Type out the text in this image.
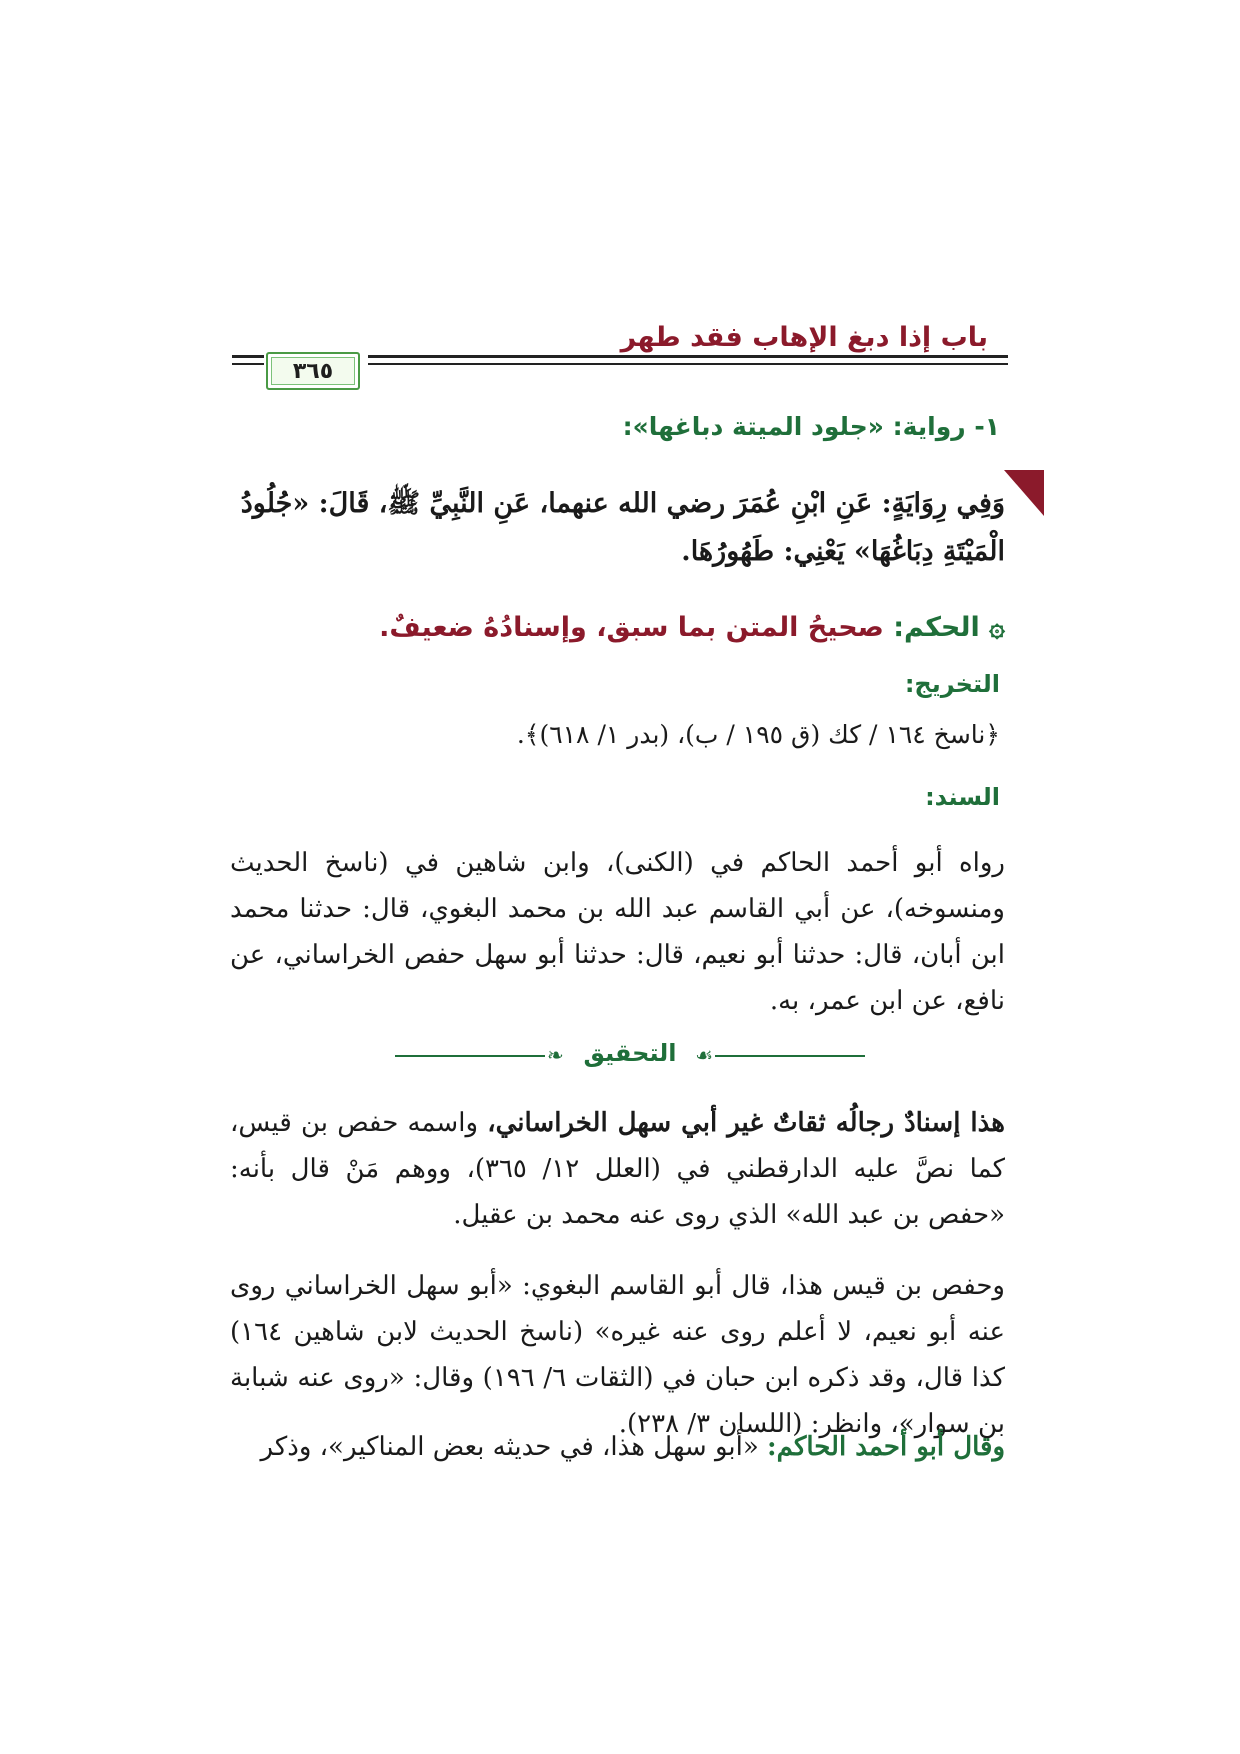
باب إذا دبغ الإهاب فقد طهر
٣٦٥
١- رواية: «جلود الميتة دباغها»:
وَفِي رِوَايَةٍ: عَنِ ابْنِ عُمَرَ رضي الله عنهما، عَنِ النَّبِيِّ ﷺ، قَالَ: «جُلُودُ الْمَيْتَةِ دِبَاغُهَا» يَعْنِي: طَهُورُهَا.
۞ الحكم: صحيحُ المتن بما سبق، وإسنادُهُ ضعيفٌ.
التخريج:
﴿ناسخ ١٦٤ / كك (ق ١٩٥ / ب)، (بدر ١/ ٦١٨)﴾.
السند:
رواه أبو أحمد الحاكم في (الكنى)، وابن شاهين في (ناسخ الحديث ومنسوخه)، عن أبي القاسم عبد الله بن محمد البغوي، قال: حدثنا محمد ابن أبان، قال: حدثنا أبو نعيم، قال: حدثنا أبو سهل حفص الخراساني، عن نافع، عن ابن عمر، به.
❧	☙
التحقيق
هذا إسنادٌ رجالُه ثقاتٌ غير أبي سهل الخراساني، واسمه حفص بن قيس، كما نصَّ عليه الدارقطني في (العلل ١٢/ ٣٦٥)، ووهم مَنْ قال بأنه: «حفص بن عبد الله» الذي روى عنه محمد بن عقيل.
وحفص بن قيس هذا، قال أبو القاسم البغوي: «أبو سهل الخراساني روى عنه أبو نعيم، لا أعلم روى عنه غيره» (ناسخ الحديث لابن شاهين ١٦٤) كذا قال، وقد ذكره ابن حبان في (الثقات ٦/ ١٩٦) وقال: «روى عنه شبابة بن سوار»، وانظر: (اللسان ٣/ ٢٣٨).
وقال أبو أحمد الحاكم: «أبو سهل هذا، في حديثه بعض المناكير»، وذكر
